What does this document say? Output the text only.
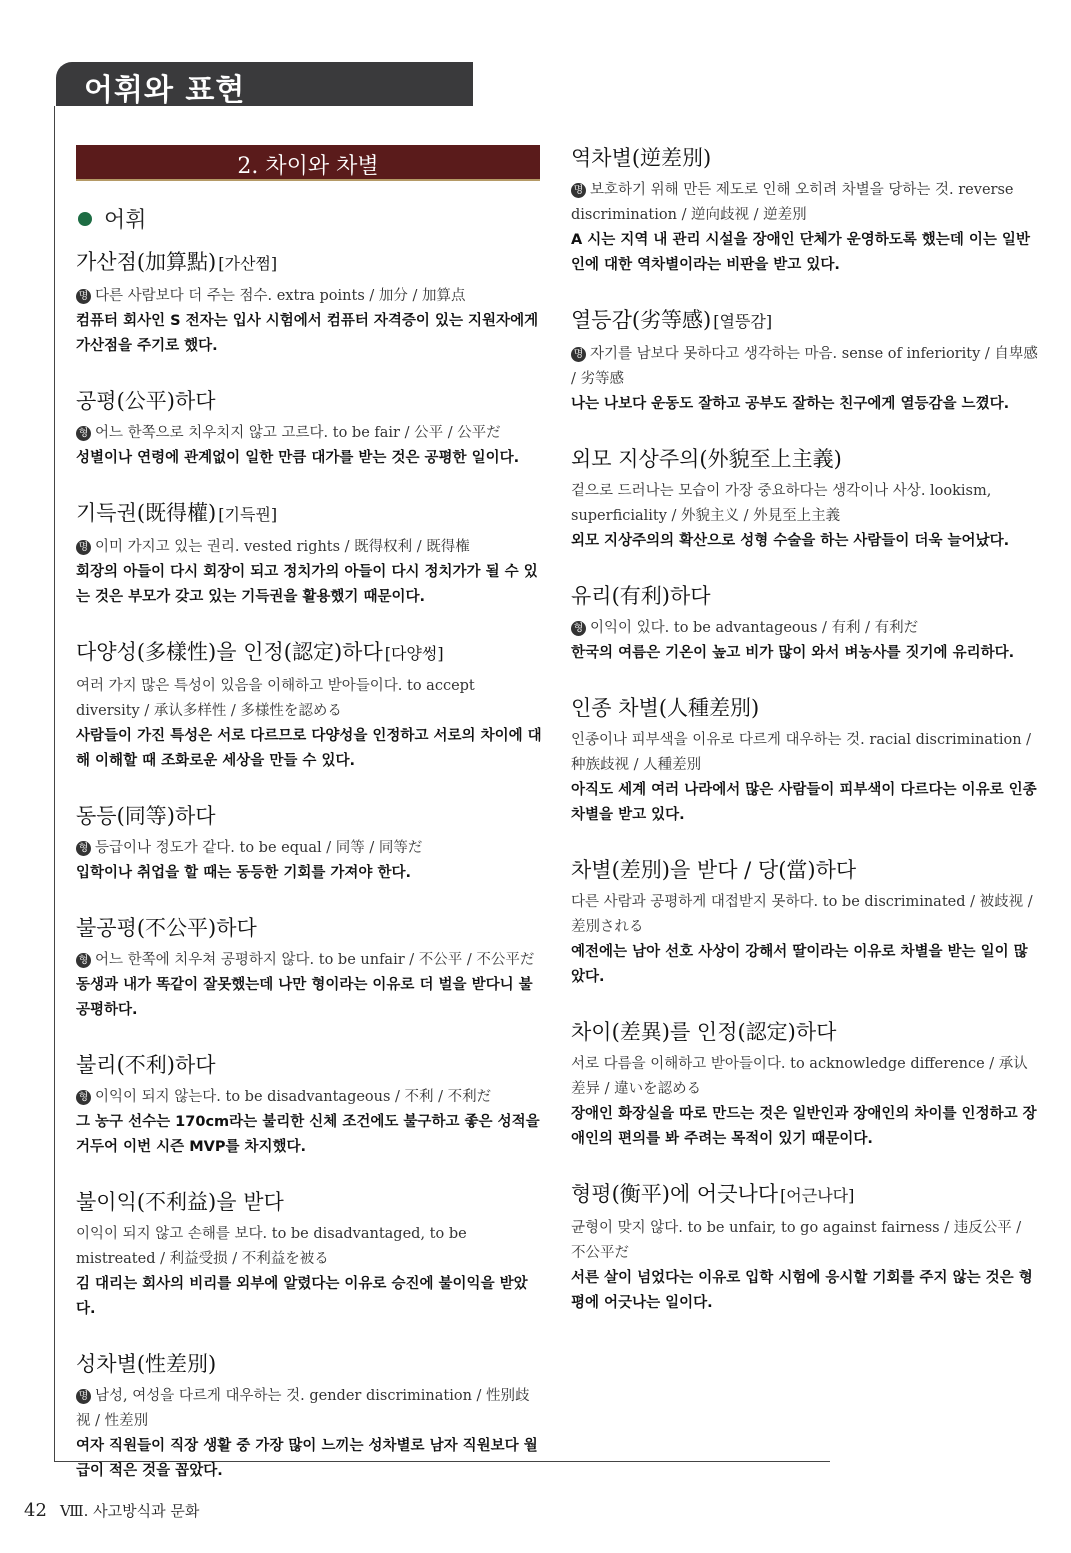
어휘와 표현
2. 차이와 차별
어휘
가산점(加算點) [가산쩜]
명 다른 사람보다 더 주는 점수. extra points / 加分 / 加算点
컴퓨터 회사인 S 전자는 입사 시험에서 컴퓨터 자격증이 있는 지원자에게 가산점을 주기로 했다.
공평(公平)하다
형 어느 한쪽으로 치우치지 않고 고르다. to be fair / 公平 / 公平だ
성별이나 연령에 관계없이 일한 만큼 대가를 받는 것은 공평한 일이다.
기득권(既得權) [기득꿘]
명 이미 가지고 있는 권리. vested rights / 既得权利 / 既得権
회장의 아들이 다시 회장이 되고 정치가의 아들이 다시 정치가가 될 수 있는 것은 부모가 갖고 있는 기득권을 활용했기 때문이다.
다양성(多樣性)을 인정(認定)하다 [다양썽]
여러 가지 많은 특성이 있음을 이해하고 받아들이다. to accept diversity / 承认多样性 / 多様性を認める
사람들이 가진 특성은 서로 다르므로 다양성을 인정하고 서로의 차이에 대해 이해할 때 조화로운 세상을 만들 수 있다.
동등(同等)하다
형 등급이나 정도가 같다. to be equal / 同等 / 同等だ
입학이나 취업을 할 때는 동등한 기회를 가져야 한다.
불공평(不公平)하다
형 어느 한쪽에 치우쳐 공평하지 않다. to be unfair / 不公平 / 不公平だ
동생과 내가 똑같이 잘못했는데 나만 형이라는 이유로 더 벌을 받다니 불공평하다.
불리(不利)하다
형 이익이 되지 않는다. to be disadvantageous / 不利 / 不利だ
그 농구 선수는 170cm라는 불리한 신체 조건에도 불구하고 좋은 성적을 거두어 이번 시즌 MVP를 차지했다.
불이익(不利益)을 받다
이익이 되지 않고 손해를 보다. to be disadvantaged, to be mistreated / 利益受损 / 不利益を被る
김 대리는 회사의 비리를 외부에 알렸다는 이유로 승진에 불이익을 받았다.
성차별(性差別)
명 남성, 여성을 다르게 대우하는 것. gender discrimination / 性别歧视 / 性差別
여자 직원들이 직장 생활 중 가장 많이 느끼는 성차별로 남자 직원보다 월급이 적은 것을 꼽았다.
역차별(逆差別)
명 보호하기 위해 만든 제도로 인해 오히려 차별을 당하는 것. reverse discrimination / 逆向歧视 / 逆差別
A 시는 지역 내 관리 시설을 장애인 단체가 운영하도록 했는데 이는 일반인에 대한 역차별이라는 비판을 받고 있다.
열등감(劣等感) [열뜽감]
명 자기를 남보다 못하다고 생각하는 마음. sense of inferiority / 自卑感 / 劣等感
나는 나보다 운동도 잘하고 공부도 잘하는 친구에게 열등감을 느꼈다.
외모 지상주의(外貌至上主義)
겉으로 드러나는 모습이 가장 중요하다는 생각이나 사상. lookism, superficiality / 外貌主义 / 外見至上主義
외모 지상주의의 확산으로 성형 수술을 하는 사람들이 더욱 늘어났다.
유리(有利)하다
형 이익이 있다. to be advantageous / 有利 / 有利だ
한국의 여름은 기온이 높고 비가 많이 와서 벼농사를 짓기에 유리하다.
인종 차별(人種差別)
인종이나 피부색을 이유로 다르게 대우하는 것. racial discrimination / 种族歧视 / 人種差別
아직도 세계 여러 나라에서 많은 사람들이 피부색이 다르다는 이유로 인종 차별을 받고 있다.
차별(差別)을 받다 / 당(當)하다
다른 사람과 공평하게 대접받지 못하다. to be discriminated / 被歧视 / 差別される
예전에는 남아 선호 사상이 강해서 딸이라는 이유로 차별을 받는 일이 많았다.
차이(差異)를 인정(認定)하다
서로 다름을 이해하고 받아들이다. to acknowledge difference / 承认差异 / 違いを認める
장애인 화장실을 따로 만드는 것은 일반인과 장애인의 차이를 인정하고 장애인의 편의를 봐 주려는 목적이 있기 때문이다.
형평(衡平)에 어긋나다 [어근나다]
균형이 맞지 않다. to be unfair, to go against fairness / 违反公平 / 不公平だ
서른 살이 넘었다는 이유로 입학 시험에 응시할 기회를 주지 않는 것은 형평에 어긋나는 일이다.
42 Ⅷ. 사고방식과 문화
